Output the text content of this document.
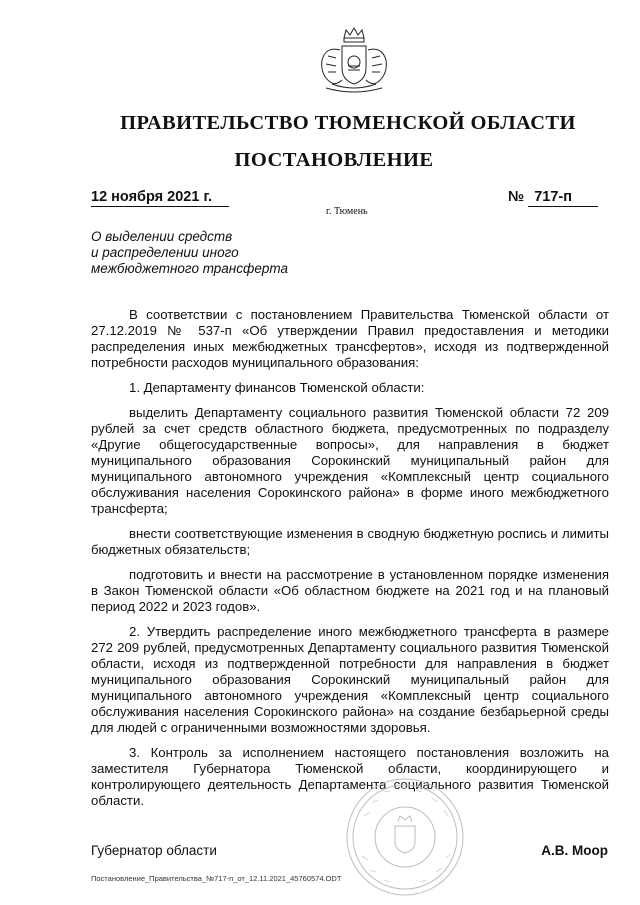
ПРАВИТЕЛЬСТВО ТЮМЕНСКОЙ ОБЛАСТИ
ПОСТАНОВЛЕНИЕ
12 ноября 2021 г.	№ 717-п
г. Тюмень
О выделении средств
и распределении иного
межбюджетного трансферта

В соответствии с постановлением Правительства Тюменской области от 27.12.2019 № 537-п «Об утверждении Правил предоставления и методики распределения иных межбюджетных трансфертов», исходя из подтвержденной потребности расходов муниципального образования:

1. Департаменту финансов Тюменской области:

выделить Департаменту социального развития Тюменской области 72 209 рублей за счет средств областного бюджета, предусмотренных по подразделу «Другие общегосударственные вопросы», для направления в бюджет муниципального образования Сорокинский муниципальный район для муниципального автономного учреждения «Комплексный центр социального обслуживания населения Сорокинского района» в форме иного межбюджетного трансферта;

внести соответствующие изменения в сводную бюджетную роспись и лимиты бюджетных обязательств;

подготовить и внести на рассмотрение в установленном порядке изменения в Закон Тюменской области «Об областном бюджете на 2021 год и на плановый период 2022 и 2023 годов».

2. Утвердить распределение иного межбюджетного трансферта в размере 272 209 рублей, предусмотренных Департаменту социального развития Тюменской области, исходя из подтвержденной потребности для направления в бюджет муниципального образования Сорокинский муниципальный район для муниципального автономного учреждения «Комплексный центр социального обслуживания населения Сорокинского района» на создание безбарьерной среды для людей с ограниченными возможностями здоровья.

3. Контроль за исполнением настоящего постановления возложить на заместителя Губернатора Тюменской области, координирующего и контролирующего деятельность Департамента социального развития Тюменской области.

Губернатор области	А.В. Моор
Постановление_Правительства_№717-п_от_12.11.2021_45760574.ODT
